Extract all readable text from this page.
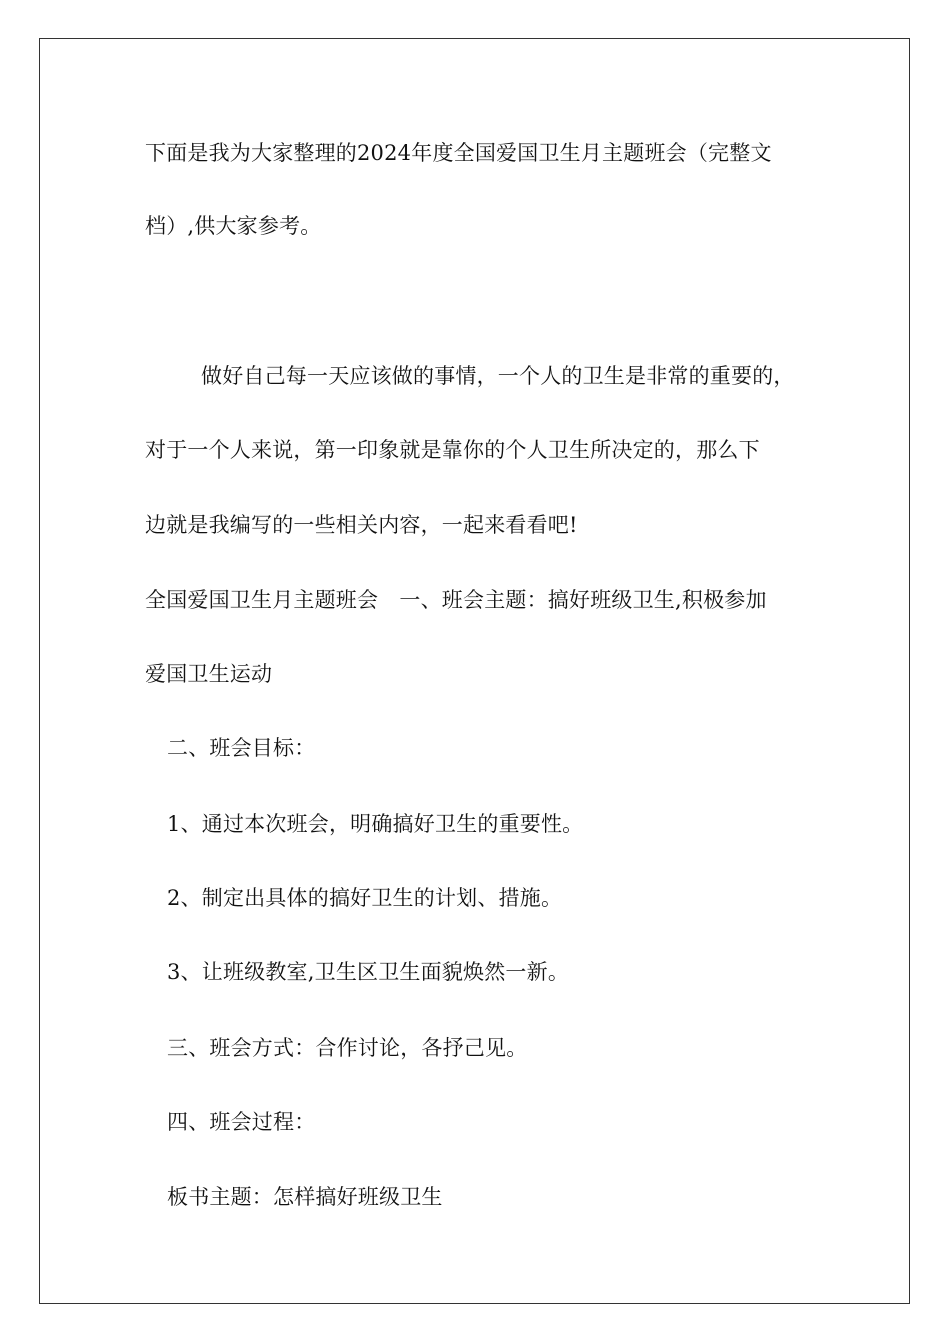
下面是我为大家整理的2024年度全国爱国卫生月主题班会（完整文
档）,供大家参考。
做好自己每一天应该做的事情，一个人的卫生是非常的重要的，
对于一个人来说，第一印象就是靠你的个人卫生所决定的，那么下
边就是我编写的一些相关内容，一起来看看吧!
全国爱国卫生月主题班会　一、班会主题：搞好班级卫生,积极参加
爱国卫生运动
二、班会目标：
1、通过本次班会，明确搞好卫生的重要性。
2、制定出具体的搞好卫生的计划、措施。
3、让班级教室,卫生区卫生面貌焕然一新。
三、班会方式：合作讨论，各抒己见。
四、班会过程：
板书主题：怎样搞好班级卫生
